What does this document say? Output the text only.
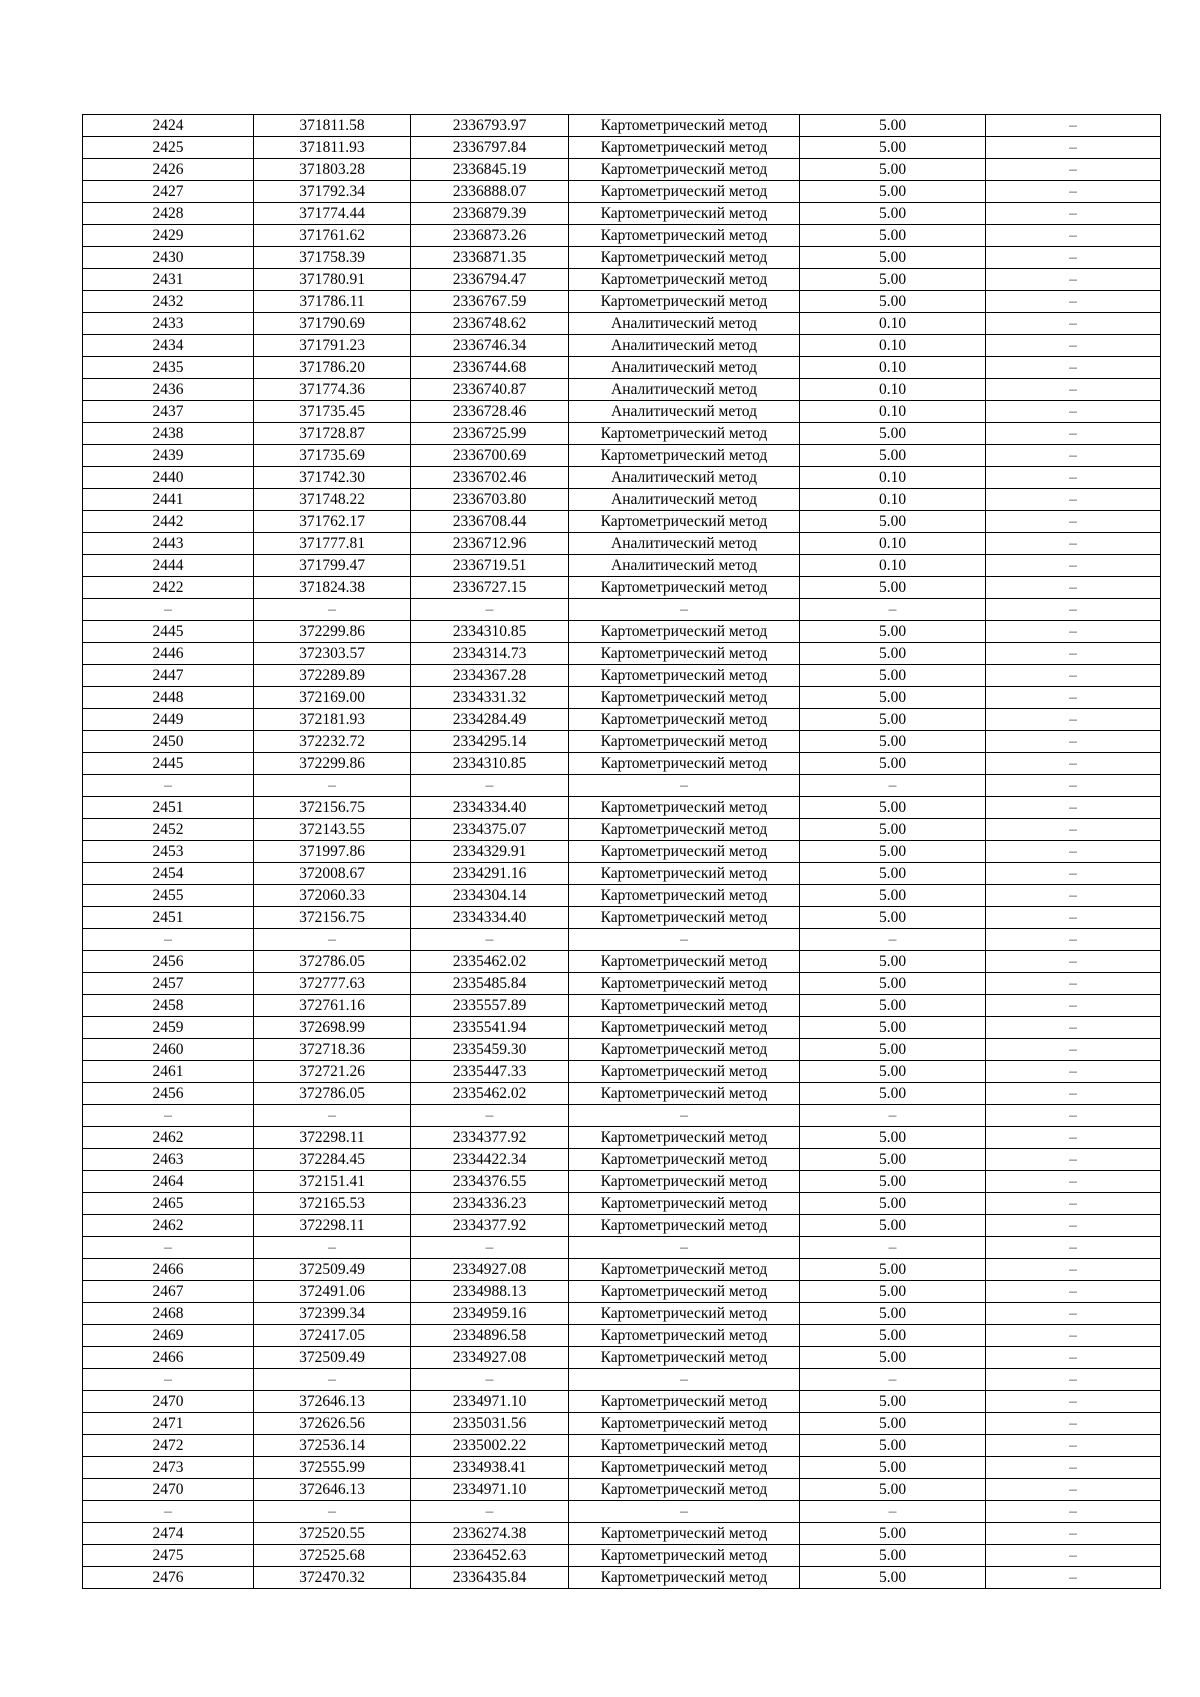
2424	371811.58	2336793.97	Картометрический метод	5.00	–
2425	371811.93	2336797.84	Картометрический метод	5.00	–
2426	371803.28	2336845.19	Картометрический метод	5.00	–
2427	371792.34	2336888.07	Картометрический метод	5.00	–
2428	371774.44	2336879.39	Картометрический метод	5.00	–
2429	371761.62	2336873.26	Картометрический метод	5.00	–
2430	371758.39	2336871.35	Картометрический метод	5.00	–
2431	371780.91	2336794.47	Картометрический метод	5.00	–
2432	371786.11	2336767.59	Картометрический метод	5.00	–
2433	371790.69	2336748.62	Аналитический метод	0.10	–
2434	371791.23	2336746.34	Аналитический метод	0.10	–
2435	371786.20	2336744.68	Аналитический метод	0.10	–
2436	371774.36	2336740.87	Аналитический метод	0.10	–
2437	371735.45	2336728.46	Аналитический метод	0.10	–
2438	371728.87	2336725.99	Картометрический метод	5.00	–
2439	371735.69	2336700.69	Картометрический метод	5.00	–
2440	371742.30	2336702.46	Аналитический метод	0.10	–
2441	371748.22	2336703.80	Аналитический метод	0.10	–
2442	371762.17	2336708.44	Картометрический метод	5.00	–
2443	371777.81	2336712.96	Аналитический метод	0.10	–
2444	371799.47	2336719.51	Аналитический метод	0.10	–
2422	371824.38	2336727.15	Картометрический метод	5.00	–
–	–	–	–	–	–
2445	372299.86	2334310.85	Картометрический метод	5.00	–
2446	372303.57	2334314.73	Картометрический метод	5.00	–
2447	372289.89	2334367.28	Картометрический метод	5.00	–
2448	372169.00	2334331.32	Картометрический метод	5.00	–
2449	372181.93	2334284.49	Картометрический метод	5.00	–
2450	372232.72	2334295.14	Картометрический метод	5.00	–
2445	372299.86	2334310.85	Картометрический метод	5.00	–
–	–	–	–	–	–
2451	372156.75	2334334.40	Картометрический метод	5.00	–
2452	372143.55	2334375.07	Картометрический метод	5.00	–
2453	371997.86	2334329.91	Картометрический метод	5.00	–
2454	372008.67	2334291.16	Картометрический метод	5.00	–
2455	372060.33	2334304.14	Картометрический метод	5.00	–
2451	372156.75	2334334.40	Картометрический метод	5.00	–
–	–	–	–	–	–
2456	372786.05	2335462.02	Картометрический метод	5.00	–
2457	372777.63	2335485.84	Картометрический метод	5.00	–
2458	372761.16	2335557.89	Картометрический метод	5.00	–
2459	372698.99	2335541.94	Картометрический метод	5.00	–
2460	372718.36	2335459.30	Картометрический метод	5.00	–
2461	372721.26	2335447.33	Картометрический метод	5.00	–
2456	372786.05	2335462.02	Картометрический метод	5.00	–
–	–	–	–	–	–
2462	372298.11	2334377.92	Картометрический метод	5.00	–
2463	372284.45	2334422.34	Картометрический метод	5.00	–
2464	372151.41	2334376.55	Картометрический метод	5.00	–
2465	372165.53	2334336.23	Картометрический метод	5.00	–
2462	372298.11	2334377.92	Картометрический метод	5.00	–
–	–	–	–	–	–
2466	372509.49	2334927.08	Картометрический метод	5.00	–
2467	372491.06	2334988.13	Картометрический метод	5.00	–
2468	372399.34	2334959.16	Картометрический метод	5.00	–
2469	372417.05	2334896.58	Картометрический метод	5.00	–
2466	372509.49	2334927.08	Картометрический метод	5.00	–
–	–	–	–	–	–
2470	372646.13	2334971.10	Картометрический метод	5.00	–
2471	372626.56	2335031.56	Картометрический метод	5.00	–
2472	372536.14	2335002.22	Картометрический метод	5.00	–
2473	372555.99	2334938.41	Картометрический метод	5.00	–
2470	372646.13	2334971.10	Картометрический метод	5.00	–
–	–	–	–	–	–
2474	372520.55	2336274.38	Картометрический метод	5.00	–
2475	372525.68	2336452.63	Картометрический метод	5.00	–
2476	372470.32	2336435.84	Картометрический метод	5.00	–
